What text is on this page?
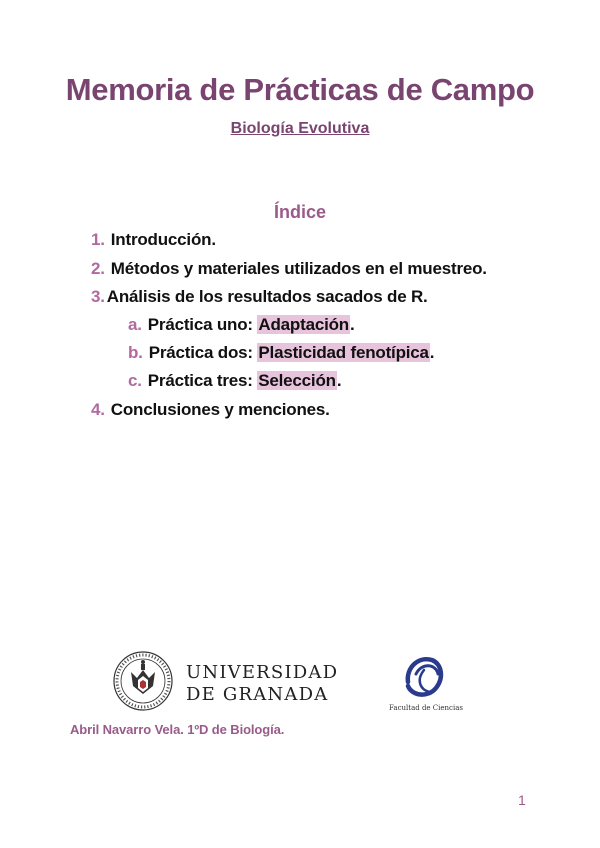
Memoria de Prácticas de Campo
Biología Evolutiva
Índice
1. Introducción.
2. Métodos y materiales utilizados en el muestreo.
3. Análisis de los resultados sacados de R.
a. Práctica uno: Adaptación.
b. Práctica dos: Plasticidad fenotípica.
c. Práctica tres: Selección.
4. Conclusiones y menciones.
UNIVERSIDAD
DE GRANADA
Facultad de Ciencias
Abril Navarro Vela. 1ºD de Biología.
1
